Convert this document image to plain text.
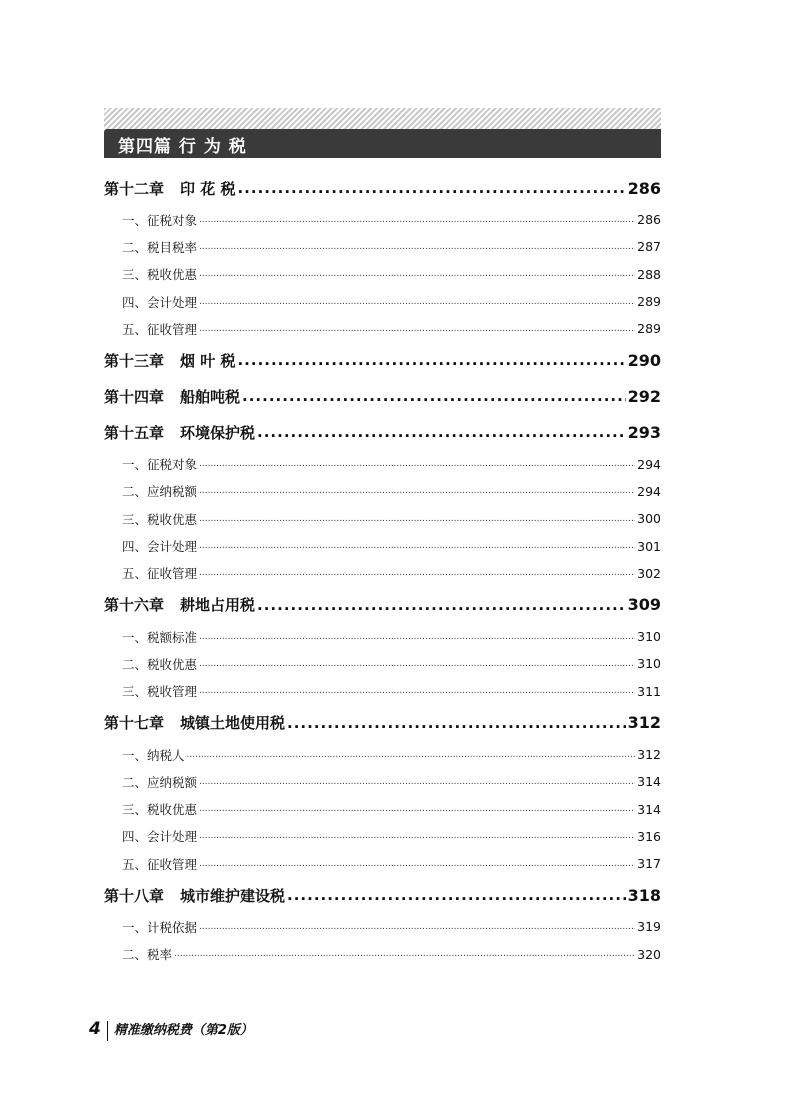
第四篇 行 为 税
第十二章 印 花 税 .....	286
一、征税对象 .....	286
二、税目税率 .....	287
三、税收优惠 .....	288
四、会计处理 .....	289
五、征收管理 .....	289
第十三章 烟 叶 税 .....	290
第十四章 船舶吨税 .....	292
第十五章 环境保护税 .....	293
一、征税对象 .....	294
二、应纳税额 .....	294
三、税收优惠 .....	300
四、会计处理 .....	301
五、征收管理 .....	302
第十六章 耕地占用税 .....	309
一、税额标准 .....	310
二、税收优惠 .....	310
三、税收管理 .....	311
第十七章 城镇土地使用税 .....	312
一、纳税人 .....	312
二、应纳税额 .....	314
三、税收优惠 .....	314
四、会计处理 .....	316
五、征收管理 .....	317
第十八章 城市维护建设税 .....	318
一、计税依据 .....	319
二、税率 .....	320
4 精准缴纳税费（第2版）
